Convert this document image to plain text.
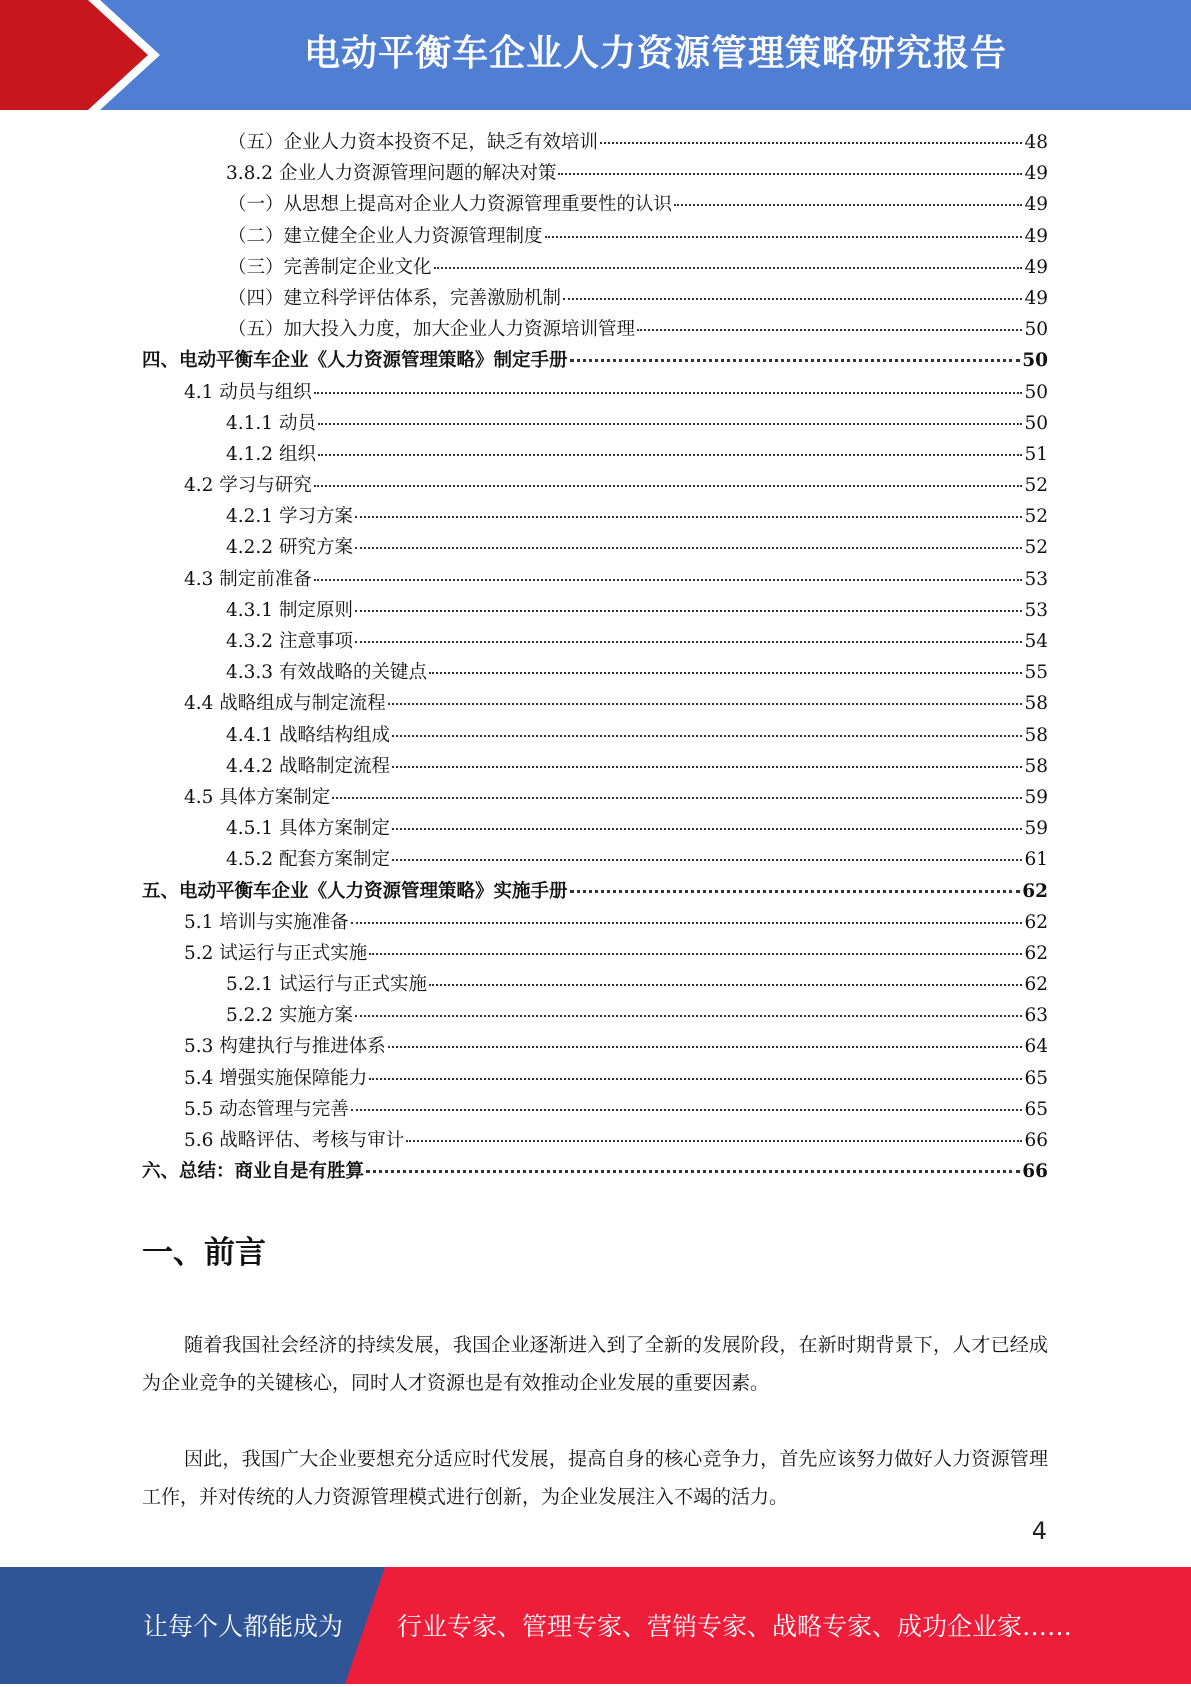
电动平衡车企业人力资源管理策略研究报告
（五）企业人力资本投资不足，缺乏有效培训	48
3.8.2 企业人力资源管理问题的解决对策	49
（一）从思想上提高对企业人力资源管理重要性的认识	49
（二）建立健全企业人力资源管理制度	49
（三）完善制定企业文化	49
（四）建立科学评估体系，完善激励机制	49
（五）加大投入力度，加大企业人力资源培训管理	50
四、电动平衡车企业《人力资源管理策略》制定手册	50
4.1 动员与组织	50
4.1.1 动员	50
4.1.2 组织	51
4.2 学习与研究	52
4.2.1 学习方案	52
4.2.2 研究方案	52
4.3 制定前准备	53
4.3.1 制定原则	53
4.3.2 注意事项	54
4.3.3 有效战略的关键点	55
4.4 战略组成与制定流程	58
4.4.1 战略结构组成	58
4.4.2 战略制定流程	58
4.5 具体方案制定	59
4.5.1 具体方案制定	59
4.5.2 配套方案制定	61
五、电动平衡车企业《人力资源管理策略》实施手册	62
5.1 培训与实施准备	62
5.2 试运行与正式实施	62
5.2.1 试运行与正式实施	62
5.2.2 实施方案	63
5.3 构建执行与推进体系	64
5.4 增强实施保障能力	65
5.5 动态管理与完善	65
5.6 战略评估、考核与审计	66
六、总结：商业自是有胜算	66
一、前言

随着我国社会经济的持续发展，我国企业逐渐进入到了全新的发展阶段，在新时期背景下，人才已经成为企业竞争的关键核心，同时人才资源也是有效推动企业发展的重要因素。

因此，我国广大企业要想充分适应时代发展，提高自身的核心竞争力，首先应该努力做好人力资源管理工作，并对传统的人力资源管理模式进行创新，为企业发展注入不竭的活力。

4
让每个人都能成为 行业专家、管理专家、营销专家、战略专家、成功企业家……
